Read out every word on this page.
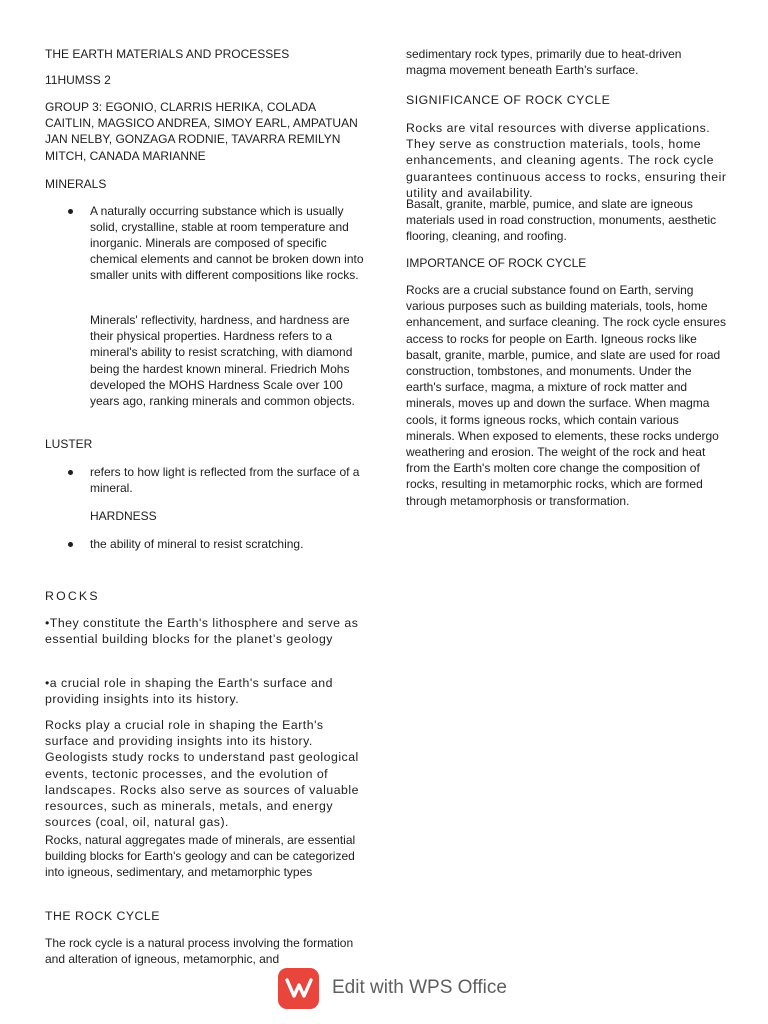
THE EARTH MATERIALS AND PROCESSES

11HUMSS 2

GROUP 3: EGONIO, CLARRIS HERIKA, COLADA CAITLIN, MAGSICO ANDREA, SIMOY EARL, AMPATUAN JAN NELBY, GONZAGA RODNIE, TAVARRA REMILYN MITCH, CANADA MARIANNE

MINERALS

A naturally occurring substance which is usually solid, crystalline, stable at room temperature and inorganic. Minerals are composed of specific chemical elements and cannot be broken down into smaller units with different compositions like rocks.

Minerals' reflectivity, hardness, and hardness are their physical properties. Hardness refers to a mineral's ability to resist scratching, with diamond being the hardest known mineral. Friedrich Mohs developed the MOHS Hardness Scale over 100 years ago, ranking minerals and common objects.

LUSTER

refers to how light is reflected from the surface of a mineral.

HARDNESS

the ability of mineral to resist scratching.

ROCKS

•They constitute the Earth's lithosphere and serve as essential building blocks for the planet’s geology

•a crucial role in shaping the Earth's surface and providing insights into its history.

Rocks play a crucial role in shaping the Earth's surface and providing insights into its history. Geologists study rocks to understand past geological events, tectonic processes, and the evolution of landscapes. Rocks also serve as sources of valuable resources, such as minerals, metals, and energy sources (coal, oil, natural gas).

Rocks, natural aggregates made of minerals, are essential building blocks for Earth's geology and can be categorized into igneous, sedimentary, and metamorphic types

THE ROCK CYCLE

The rock cycle is a natural process involving the formation and alteration of igneous, metamorphic, and

sedimentary rock types, primarily due to heat-driven magma movement beneath Earth's surface.

SIGNIFICANCE OF ROCK CYCLE

Rocks are vital resources with diverse applications. They serve as construction materials, tools, home enhancements, and cleaning agents. The rock cycle guarantees continuous access to rocks, ensuring their utility and availability.

Basalt, granite, marble, pumice, and slate are igneous materials used in road construction, monuments, aesthetic flooring, cleaning, and roofing.

IMPORTANCE OF ROCK CYCLE

Rocks are a crucial substance found on Earth, serving various purposes such as building materials, tools, home enhancement, and surface cleaning. The rock cycle ensures access to rocks for people on Earth. Igneous rocks like basalt, granite, marble, pumice, and slate are used for road construction, tombstones, and monuments. Under the earth's surface, magma, a mixture of rock matter and minerals, moves up and down the surface. When magma cools, it forms igneous rocks, which contain various minerals. When exposed to elements, these rocks undergo weathering and erosion. The weight of the rock and heat from the Earth's molten core change the composition of rocks, resulting in metamorphic rocks, which are formed through metamorphosis or transformation.

Edit with WPS Office
